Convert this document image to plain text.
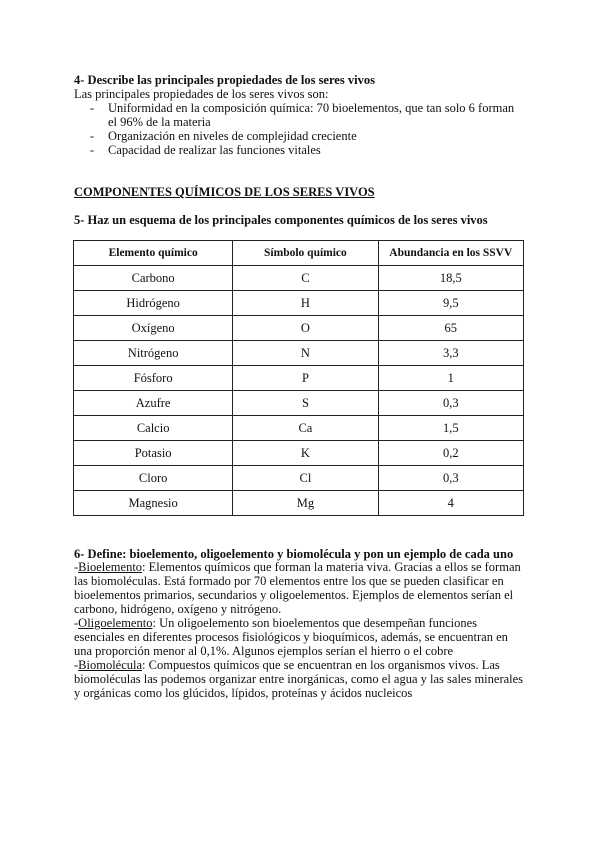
4- Describe las principales propiedades de los seres vivos
Las principales propiedades de los seres vivos son:
- Uniformidad en la composición química: 70 bioelementos, que tan solo 6 forman el 96% de la materia
- Organización en niveles de complejidad creciente
- Capacidad de realizar las funciones vitales
COMPONENTES QUÍMICOS DE LOS SERES VIVOS
5- Haz un esquema de los principales componentes químicos de los seres vivos
Elemento químico	Símbolo químico	Abundancia en los SSVV
Carbono	C	18,5
Hidrógeno	H	9,5
Oxígeno	O	65
Nitrógeno	N	3,3
Fósforo	P	1
Azufre	S	0,3
Calcio	Ca	1,5
Potasio	K	0,2
Cloro	Cl	0,3
Magnesio	Mg	4
6- Define: bioelemento, oligoelemento y biomolécula y pon un ejemplo de cada uno

-Bioelemento: Elementos químicos que forman la materia viva. Gracias a ellos se forman las biomoléculas. Está formado por 70 elementos entre los que se pueden clasificar en bioelementos primarios, secundarios y oligoelementos. Ejemplos de elementos serían el carbono, hidrógeno, oxígeno y nitrógeno.

-Oligoelemento: Un oligoelemento son bioelementos que desempeñan funciones esenciales en diferentes procesos fisiológicos y bioquímicos, además, se encuentran en una proporción menor al 0,1%. Algunos ejemplos serían el hierro o el cobre

-Biomolécula: Compuestos químicos que se encuentran en los organismos vivos. Las biomoléculas las podemos organizar entre inorgánicas, como el agua y las sales minerales y orgánicas como los glúcidos, lípidos, proteínas y ácidos nucleicos
